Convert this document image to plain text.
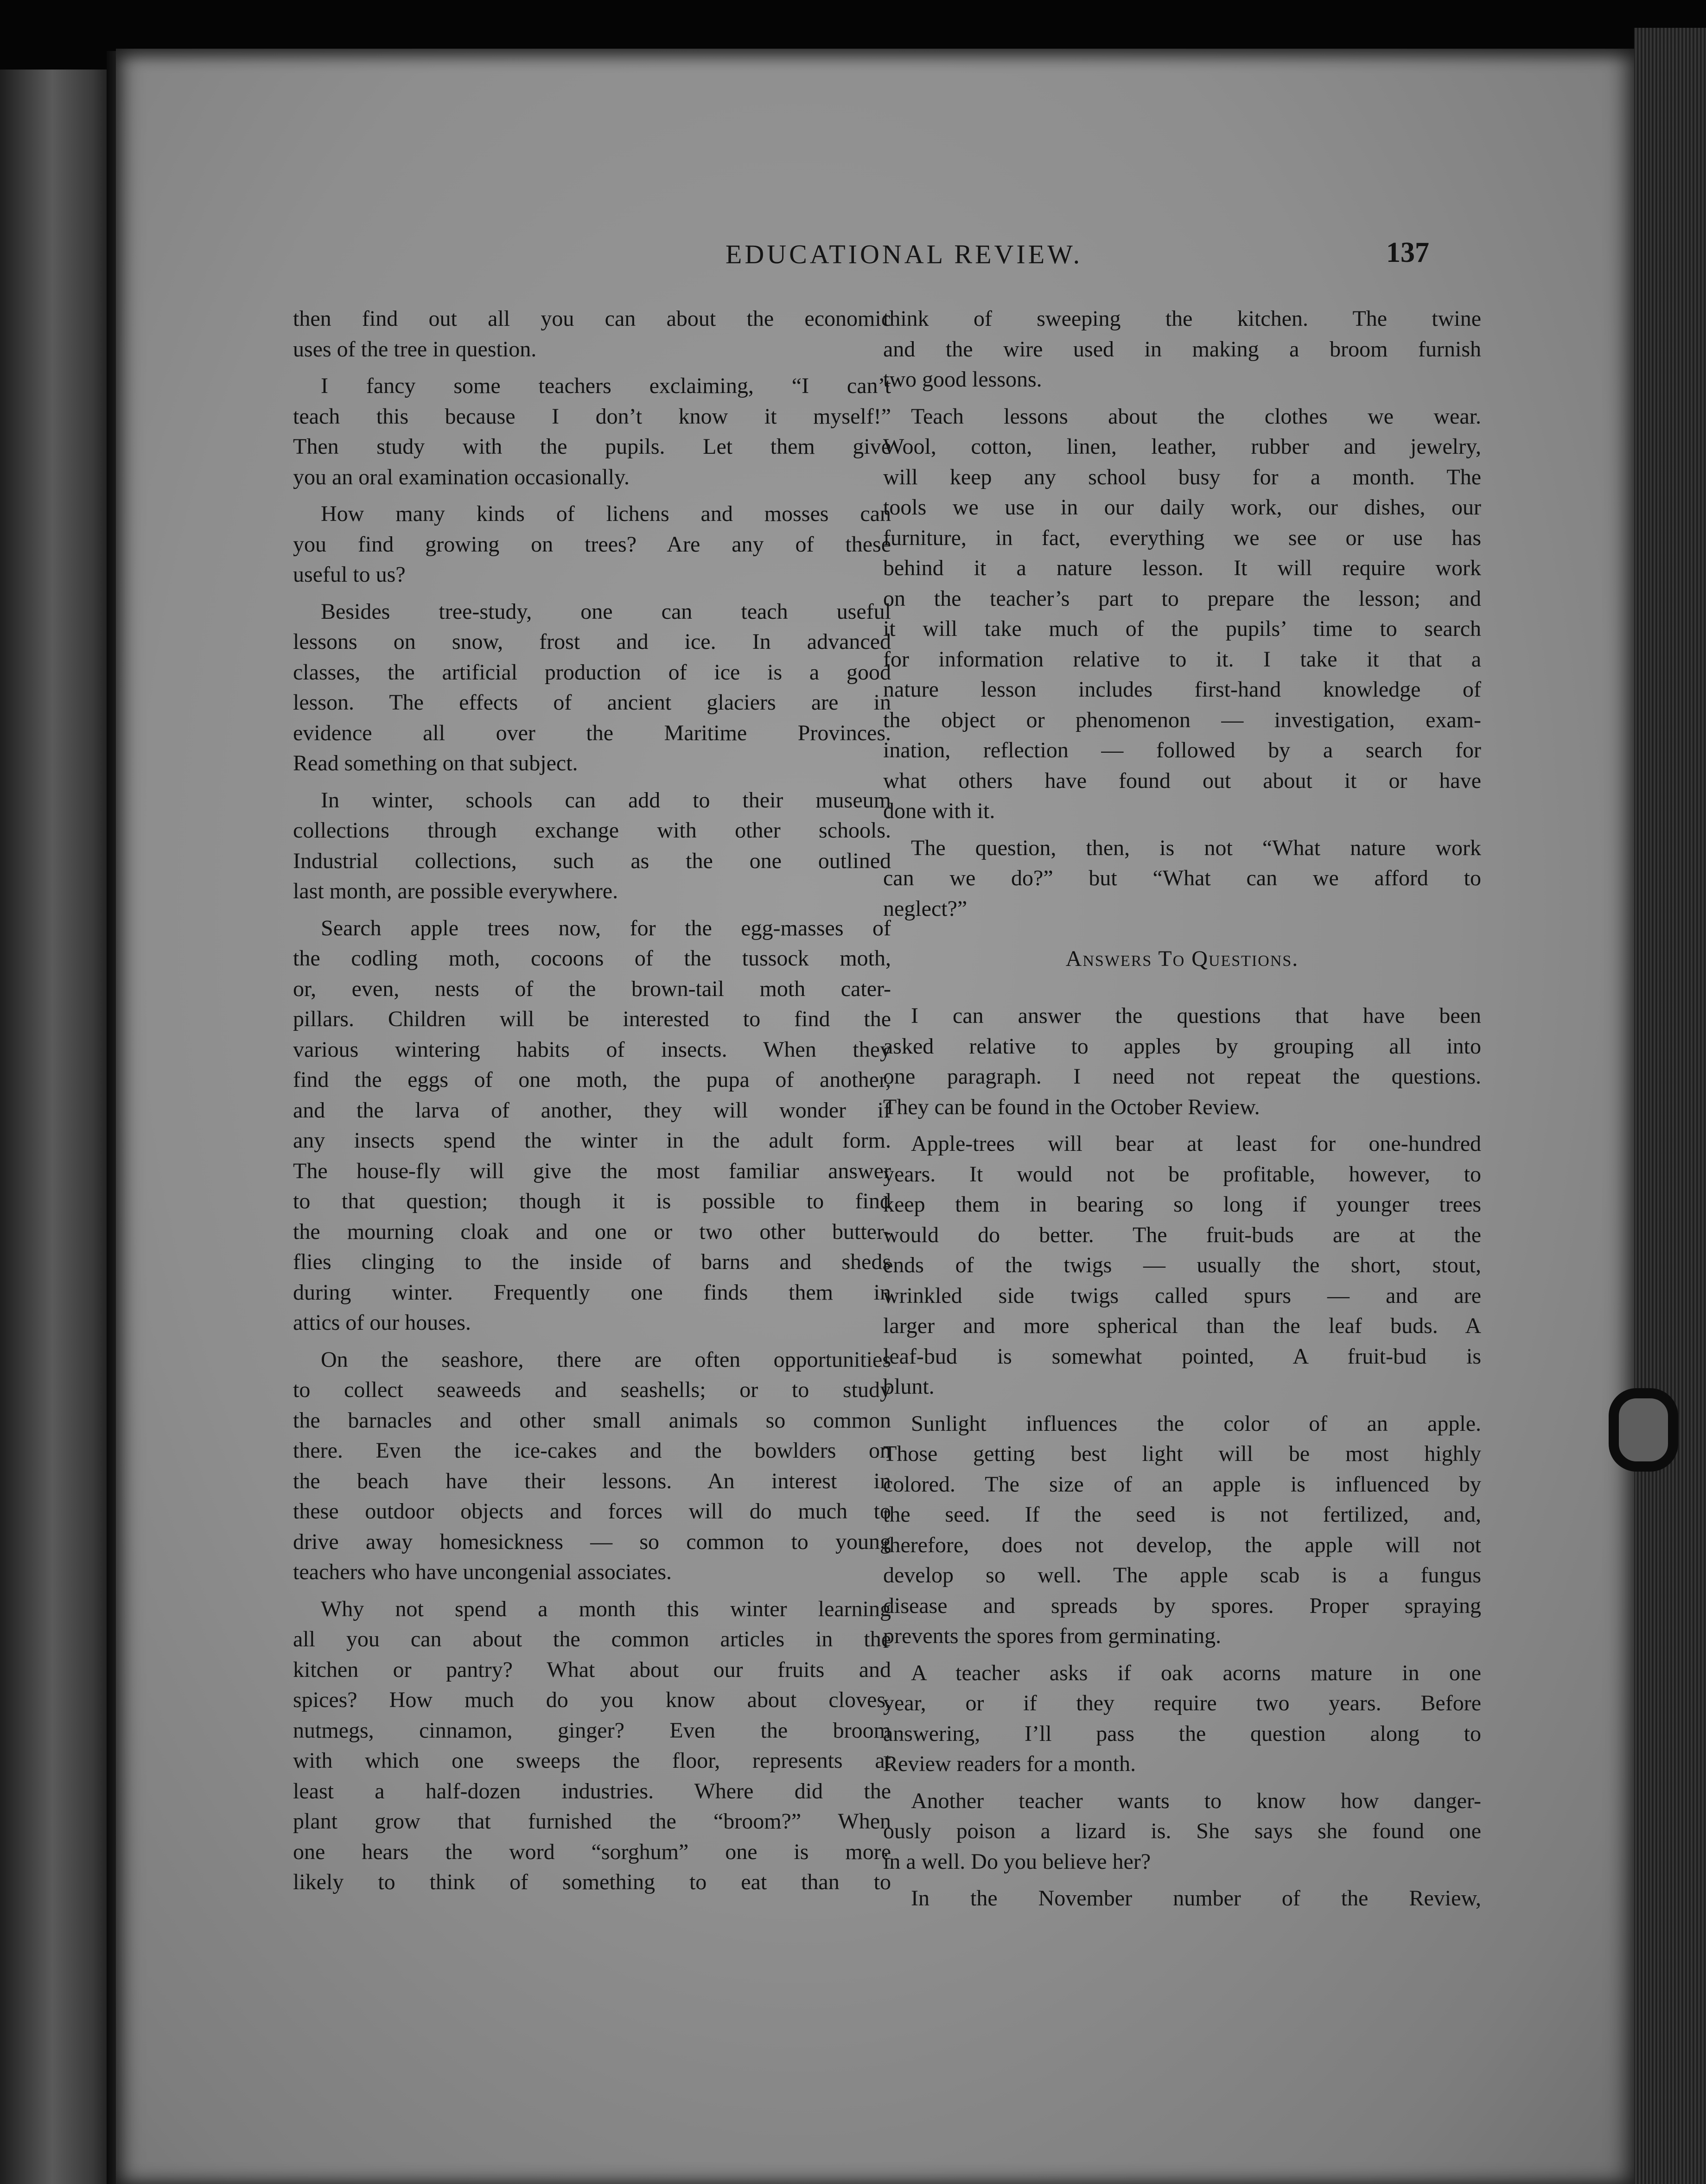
EDUCATIONAL REVIEW.	137
then find out all you can about the economic
uses of the tree in question.
I fancy some teachers exclaiming, “I can’t
teach this because I don’t know it myself!”
Then study with the pupils. Let them give
you an oral examination occasionally.
How many kinds of lichens and mosses can
you find growing on trees? Are any of these
useful to us?
Besides tree-study, one can teach useful
lessons on snow, frost and ice. In advanced
classes, the artificial production of ice is a good
lesson. The effects of ancient glaciers are in
evidence all over the Maritime Provinces.
Read something on that subject.
In winter, schools can add to their museum
collections through exchange with other schools.
Industrial collections, such as the one outlined
last month, are possible everywhere.
Search apple trees now, for the egg-masses of
the codling moth, cocoons of the tussock moth,
or, even, nests of the brown-tail moth cater-
pillars. Children will be interested to find the
various wintering habits of insects. When they
find the eggs of one moth, the pupa of another,
and the larva of another, they will wonder if
any insects spend the winter in the adult form.
The house-fly will give the most familiar answer
to that question; though it is possible to find
the mourning cloak and one or two other butter-
flies clinging to the inside of barns and sheds
during winter. Frequently one finds them in
attics of our houses.
On the seashore, there are often opportunities
to collect seaweeds and seashells; or to study
the barnacles and other small animals so common
there. Even the ice-cakes and the bowlders on
the beach have their lessons. An interest in
these outdoor objects and forces will do much to
drive away homesickness — so common to young
teachers who have uncongenial associates.
Why not spend a month this winter learning
all you can about the common articles in the
kitchen or pantry? What about our fruits and
spices? How much do you know about cloves,
nutmegs, cinnamon, ginger? Even the broom
with which one sweeps the floor, represents at
least a half-dozen industries. Where did the
plant grow that furnished the “broom?” When
one hears the word “sorghum” one is more
likely to think of something to eat than to
think of sweeping the kitchen. The twine
and the wire used in making a broom furnish
two good lessons.
Teach lessons about the clothes we wear.
Wool, cotton, linen, leather, rubber and jewelry,
will keep any school busy for a month. The
tools we use in our daily work, our dishes, our
furniture, in fact, everything we see or use has
behind it a nature lesson. It will require work
on the teacher’s part to prepare the lesson; and
it will take much of the pupils’ time to search
for information relative to it. I take it that a
nature lesson includes first-hand knowledge of
the object or phenomenon — investigation, exam-
ination, reflection — followed by a search for
what others have found out about it or have
done with it.
The question, then, is not “What nature work
can we do?” but “What can we afford to
neglect?”
Answers To Questions.
I can answer the questions that have been
asked relative to apples by grouping all into
one paragraph. I need not repeat the questions.
They can be found in the October Review.
Apple-trees will bear at least for one-hundred
years. It would not be profitable, however, to
keep them in bearing so long if younger trees
would do better. The fruit-buds are at the
ends of the twigs — usually the short, stout,
wrinkled side twigs called spurs — and are
larger and more spherical than the leaf buds. A
leaf-bud is somewhat pointed, A fruit-bud is
blunt.
Sunlight influences the color of an apple.
Those getting best light will be most highly
colored. The size of an apple is influenced by
the seed. If the seed is not fertilized, and,
therefore, does not develop, the apple will not
develop so well. The apple scab is a fungus
disease and spreads by spores. Proper spraying
prevents the spores from germinating.
A teacher asks if oak acorns mature in one
year, or if they require two years. Before
answering, I’ll pass the question along to
Review readers for a month.
Another teacher wants to know how danger-
ously poison a lizard is. She says she found one
in a well. Do you believe her?
In the November number of the Review,
